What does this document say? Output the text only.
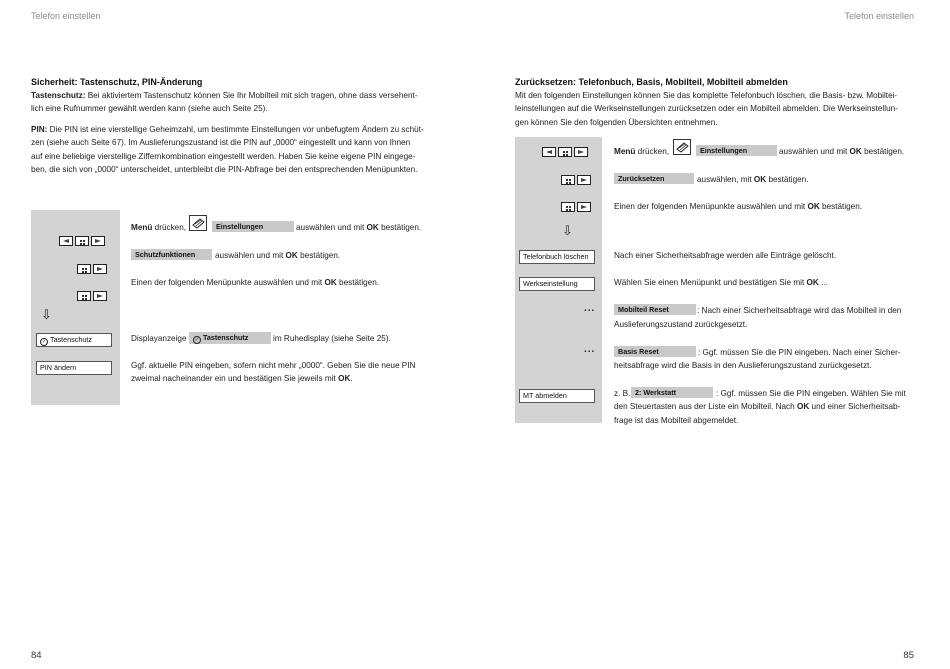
Telefon einstellen
Sicherheit: Tastenschutz, PIN-Änderung
Tastenschutz: Bei aktiviertem Tastenschutz können Sie Ihr Mobilteil mit sich tragen, ohne dass versehent-
lich eine Rufnummer gewählt werden kann (siehe auch Seite 25).
PIN: Die PIN ist eine vierstellige Geheimzahl, um bestimmte Einstellungen vor unbefugtem Ändern zu schüt-
zen (siehe auch Seite 67). Im Auslieferungszustand ist die PIN auf „0000“ eingestellt und kann von Ihnen
auf eine beliebige vierstellige Ziffernkombination eingestellt werden. Haben Sie keine eigene PIN eingege-
ben, die sich von „0000“ unterscheidet, unterbleibt die PIN-Abfrage bei den entsprechenden Menüpunkten.
⇩
✓ Tastenschutz
PIN ändern
Menü drücken,	Einstellungen	auswählen und mit OK bestätigen.
Schutzfunktionen	auswählen und mit OK bestätigen.
Einen der folgenden Menüpunkte auswählen und mit OK bestätigen.
Displayanzeige	✓ Tastenschutz	im Ruhedisplay (siehe Seite 25).
Ggf. aktuelle PIN eingeben, sofern nicht mehr „0000“. Geben Sie die neue PIN
zweimal nacheinander ein und bestätigen Sie jeweils mit OK.
84
Telefon einstellen
Zurücksetzen: Telefonbuch, Basis, Mobilteil, Mobilteil abmelden
Mit den folgenden Einstellungen können Sie das komplette Telefonbuch löschen, die Basis- bzw. Mobiltei-
leinstellungen auf die Werkseinstellungen zurücksetzen oder ein Mobilteil abmelden. Die Werkseinstellun-
gen können Sie den folgenden Übersichten entnehmen.
⇩
Telefonbuch löschen
Werkseinstellung
...
...
MT abmelden
Menü drücken,	Einstellungen	auswählen und mit OK bestätigen.
Zurücksetzen	auswählen, mit OK bestätigen.
Einen der folgenden Menüpunkte auswählen und mit OK bestätigen.
Nach einer Sicherheitsabfrage werden alle Einträge gelöscht.
Wählen Sie einen Menüpunkt und bestätigen Sie mit OK ...
Mobilteil Reset	: Nach einer Sicherheitsabfrage wird das Mobilteil in den
Auslieferungszustand zurückgesetzt.
Basis Reset	: Ggf. müssen Sie die PIN eingeben. Nach einer Sicher-
heitsabfrage wird die Basis in den Auslieferungszustand zurückgesetzt.
z. B. 2: Werkstatt	: Ggf. müssen Sie die PIN eingeben. Wählen Sie mit
den Steuertasten aus der Liste ein Mobilteil. Nach OK und einer Sicherheitsab-
frage ist das Mobilteil abgemeldet.
85
